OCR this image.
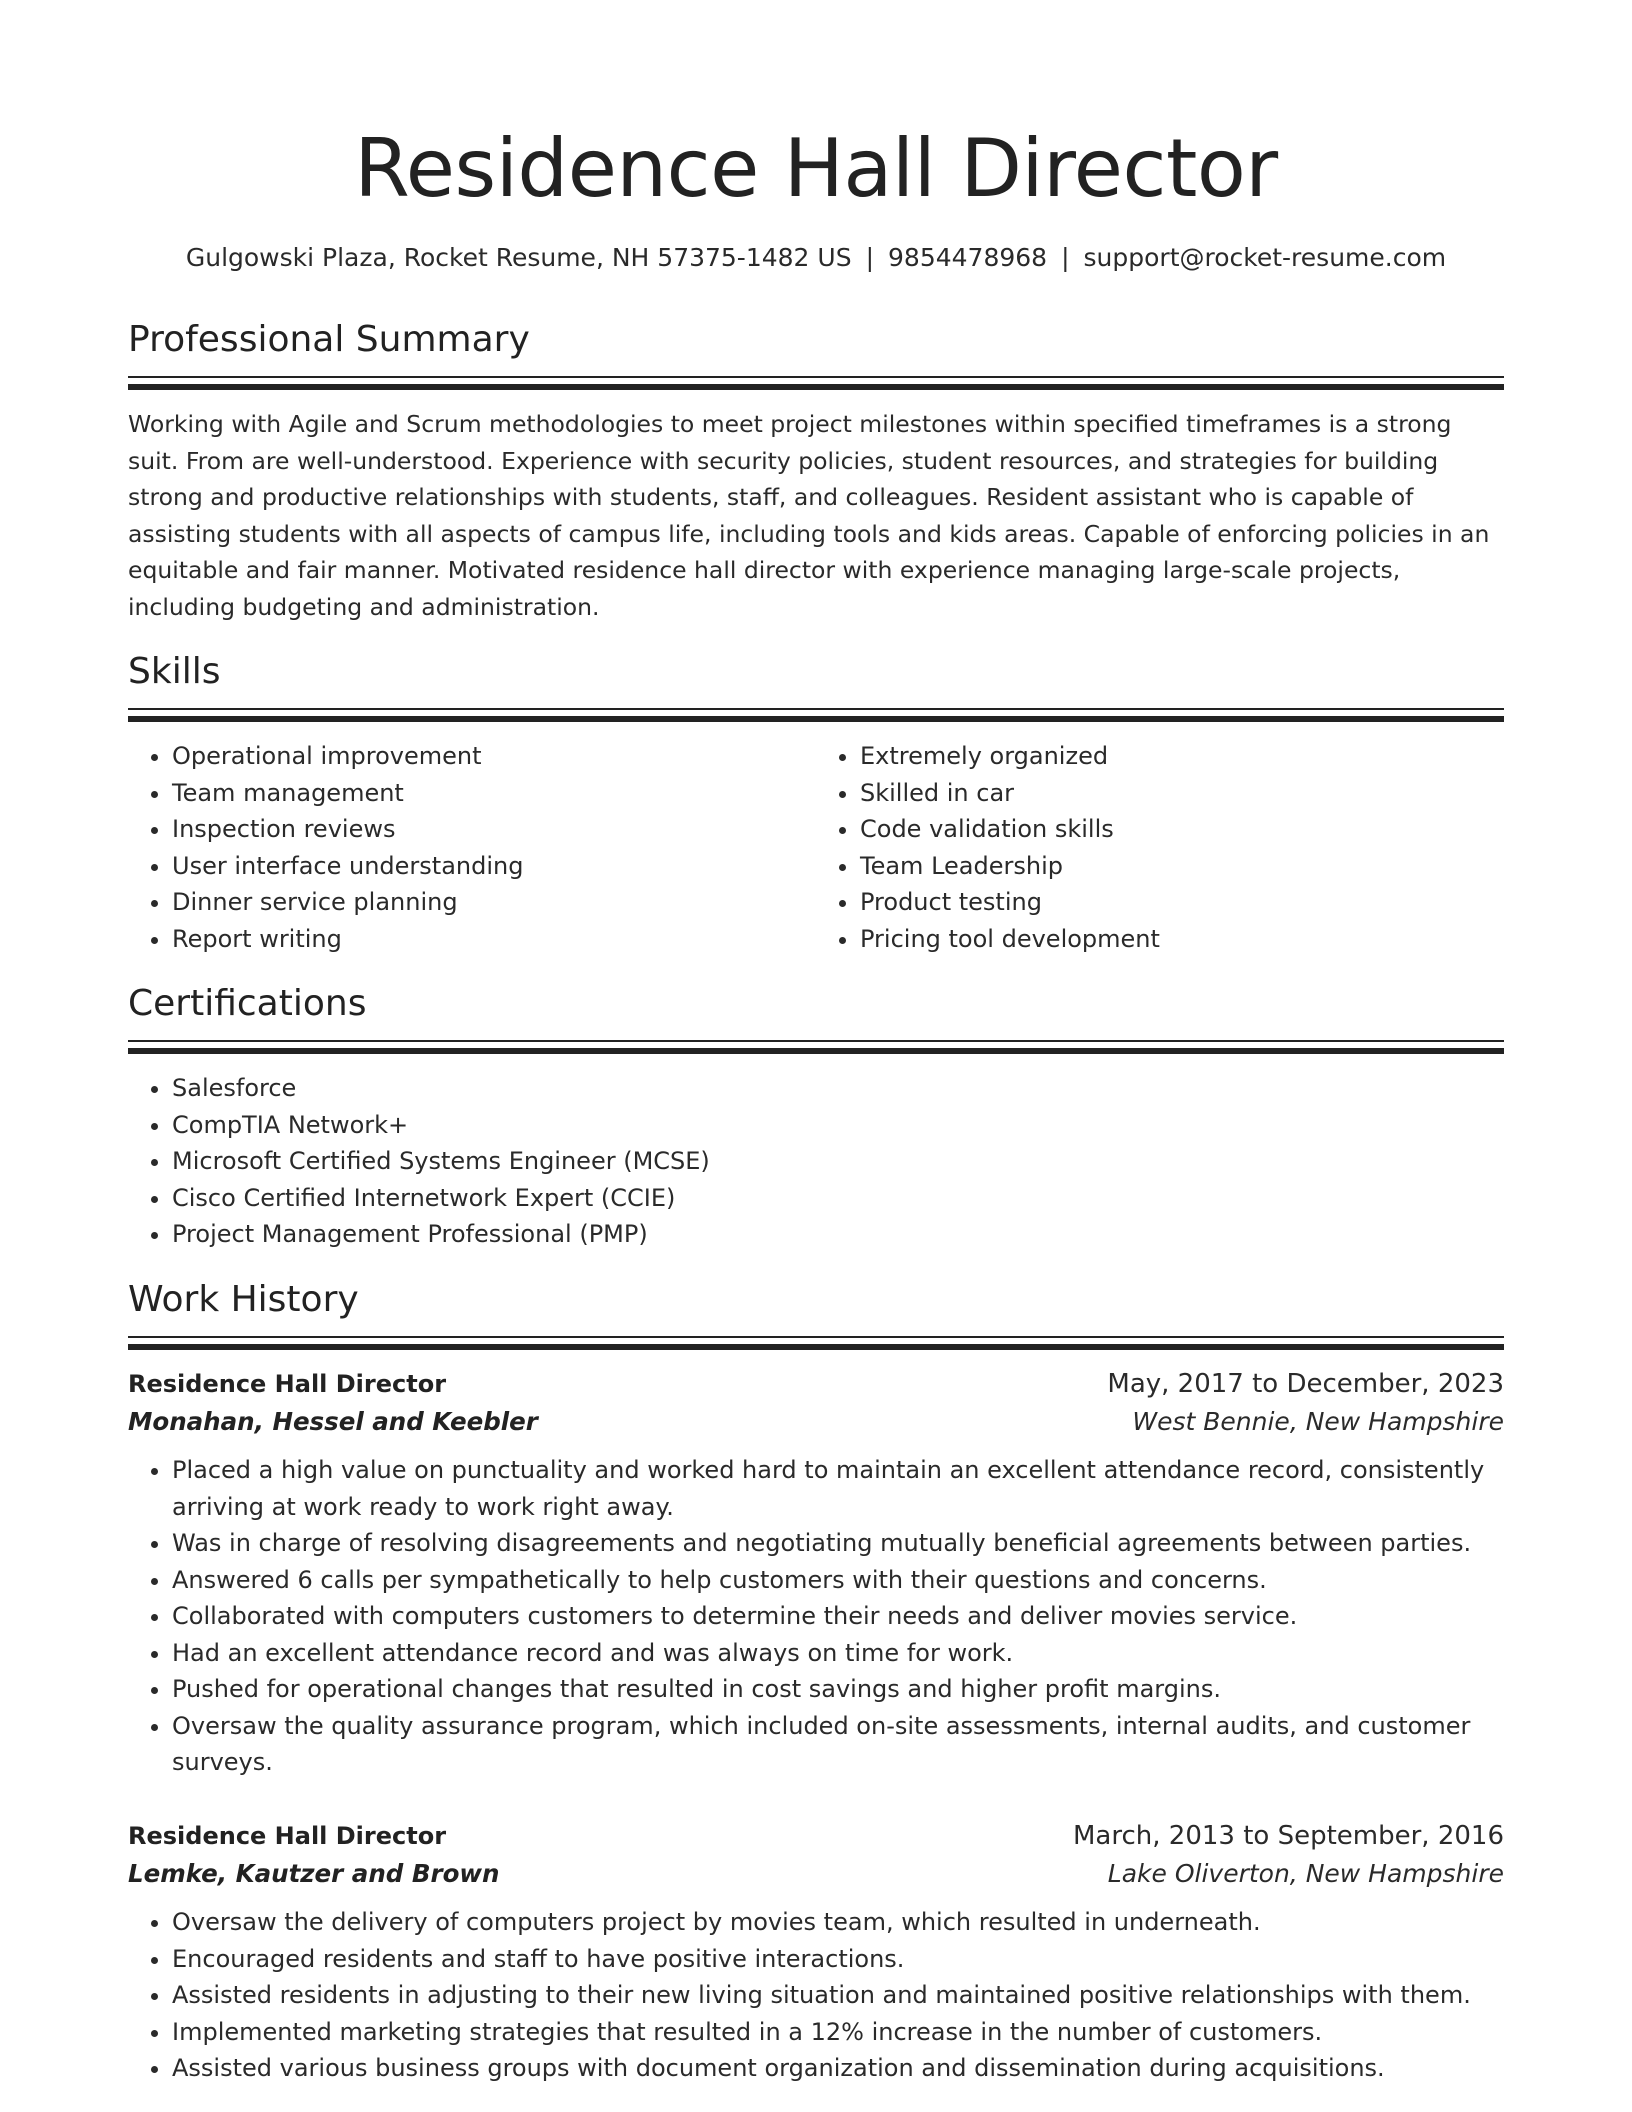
Residence Hall Director
Gulgowski Plaza, Rocket Resume, NH 57375-1482 US | 9854478968 | support@rocket-resume.com
Professional Summary
Working with Agile and Scrum methodologies to meet project milestones within specified timeframes is a strong suit. From are well-understood. Experience with security policies, student resources, and strategies for building strong and productive relationships with students, staff, and colleagues. Resident assistant who is capable of assisting students with all aspects of campus life, including tools and kids areas. Capable of enforcing policies in an equitable and fair manner. Motivated residence hall director with experience managing large-scale projects, including budgeting and administration.
Skills
• Operational improvement
• Team management
• Inspection reviews
• User interface understanding
• Dinner service planning
• Report writing
• Extremely organized
• Skilled in car
• Code validation skills
• Team Leadership
• Product testing
• Pricing tool development
Certifications
• Salesforce
• CompTIA Network+
• Microsoft Certified Systems Engineer (MCSE)
• Cisco Certified Internetwork Expert (CCIE)
• Project Management Professional (PMP)
Work History
Residence Hall Director	May, 2017 to December, 2023
Monahan, Hessel and Keebler	West Bennie, New Hampshire
• Placed a high value on punctuality and worked hard to maintain an excellent attendance record, consistently arriving at work ready to work right away.
• Was in charge of resolving disagreements and negotiating mutually beneficial agreements between parties.
• Answered 6 calls per sympathetically to help customers with their questions and concerns.
• Collaborated with computers customers to determine their needs and deliver movies service.
• Had an excellent attendance record and was always on time for work.
• Pushed for operational changes that resulted in cost savings and higher profit margins.
• Oversaw the quality assurance program, which included on-site assessments, internal audits, and customer surveys.
Residence Hall Director	March, 2013 to September, 2016
Lemke, Kautzer and Brown	Lake Oliverton, New Hampshire
• Oversaw the delivery of computers project by movies team, which resulted in underneath.
• Encouraged residents and staff to have positive interactions.
• Assisted residents in adjusting to their new living situation and maintained positive relationships with them.
• Implemented marketing strategies that resulted in a 12% increase in the number of customers.
• Assisted various business groups with document organization and dissemination during acquisitions.
